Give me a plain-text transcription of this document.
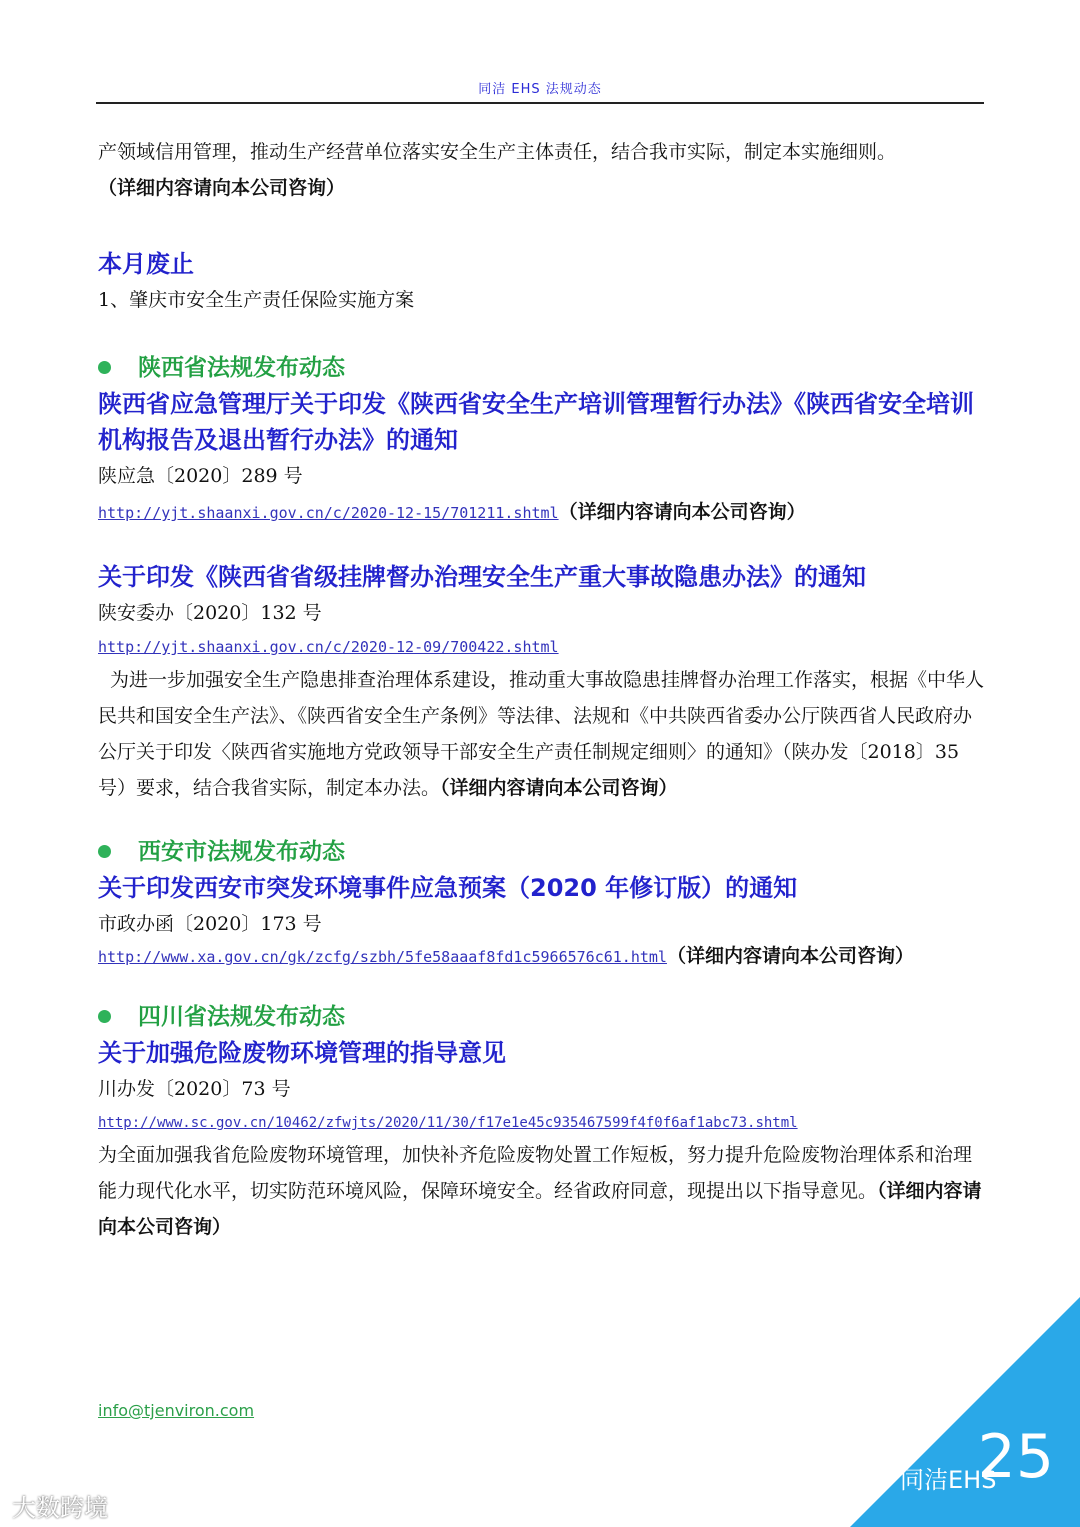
同洁 EHS 法规动态

产领域信用管理，推动生产经营单位落实安全生产主体责任，结合我市实际，制定本实施细则。
（详细内容请向本公司咨询）

本月废止

1、肇庆市安全生产责任保险实施方案

陕西省法规发布动态

陕西省应急管理厅关于印发《陕西省安全生产培训管理暂行办法》《陕西省安全培训机构报告及退出暂行办法》的通知

陕应急〔2020〕289 号

http://yjt.shaanxi.gov.cn/c/2020-12-15/701211.shtml（详细内容请向本公司咨询）

关于印发《陕西省省级挂牌督办治理安全生产重大事故隐患办法》的通知

陕安委办〔2020〕132 号

http://yjt.shaanxi.gov.cn/c/2020-12-09/700422.shtml

为进一步加强安全生产隐患排查治理体系建设，推动重大事故隐患挂牌督办治理工作落实，根据《中华人民共和国安全生产法》、《陕西省安全生产条例》等法律、法规和《中共陕西省委办公厅陕西省人民政府办公厅关于印发〈陕西省实施地方党政领导干部安全生产责任制规定细则〉的通知》（陕办发〔2018〕35 号）要求，结合我省实际，制定本办法。（详细内容请向本公司咨询）

西安市法规发布动态

关于印发西安市突发环境事件应急预案（2020 年修订版）的通知

市政办函〔2020〕173 号

http://www.xa.gov.cn/gk/zcfg/szbh/5fe58aaaf8fd1c5966576c61.html（详细内容请向本公司咨询）

四川省法规发布动态

关于加强危险废物环境管理的指导意见

川办发〔2020〕73 号

http://www.sc.gov.cn/10462/zfwjts/2020/11/30/f17e1e45c935467599f4f0f6af1abc73.shtml

为全面加强我省危险废物环境管理，加快补齐危险废物处置工作短板，努力提升危险废物治理体系和治理能力现代化水平，切实防范环境风险，保障环境安全。经省政府同意，现提出以下指导意见。（详细内容请向本公司咨询）

info@tjenviron.com
25
同洁EHS
大数跨境
